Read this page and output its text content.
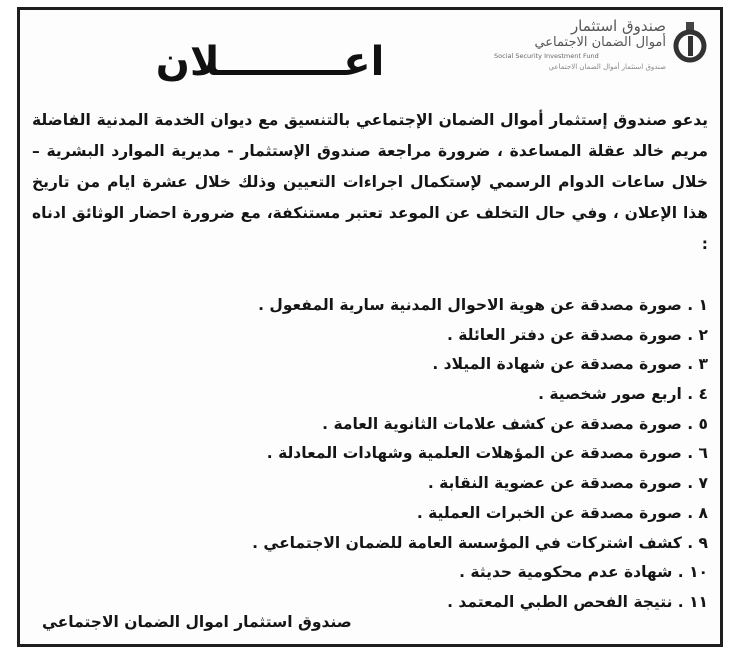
صندوق استثمار
أموال الضمان الاجتماعي
Social Security Investment Fund
صندوق استثمار أموال الضمان الاجتماعي
اعـــــــــلان
يدعو صندوق إستثمار أموال الضمان الإجتماعي بالتنسيق مع ديوان الخدمة المدنية الفاضلة مريم خالد عقلة المساعدة ، ضرورة مراجعة صندوق الإستثمار - مديرية الموارد البشرية – خلال ساعات الدوام الرسمي لإستكمال اجراءات التعيين وذلك خلال عشرة ايام من تاريخ هذا الإعلان ، وفي حال التخلف عن الموعد تعتبر مستنكفة، مع ضرورة احضار الوثائق ادناه :
١ . صورة مصدقة عن هوية الاحوال المدنية سارية المفعول .
٢ . صورة مصدقة عن دفتر العائلة .
٣ . صورة مصدقة عن شهادة الميلاد .
٤ . اربع صور شخصية .
٥ . صورة مصدقة عن كشف علامات الثانوية العامة .
٦ . صورة مصدقة عن المؤهلات العلمية وشهادات المعادلة .
٧ . صورة مصدقة عن عضوية النقابة .
٨ . صورة مصدقة عن الخبرات العملية .
٩ . كشف اشتركات في المؤسسة العامة للضمان الاجتماعي .
١٠ . شهادة عدم محكومية حديثة .
١١ . نتيجة الفحص الطبي المعتمد .
صندوق استثمار اموال الضمان الاجتماعي
